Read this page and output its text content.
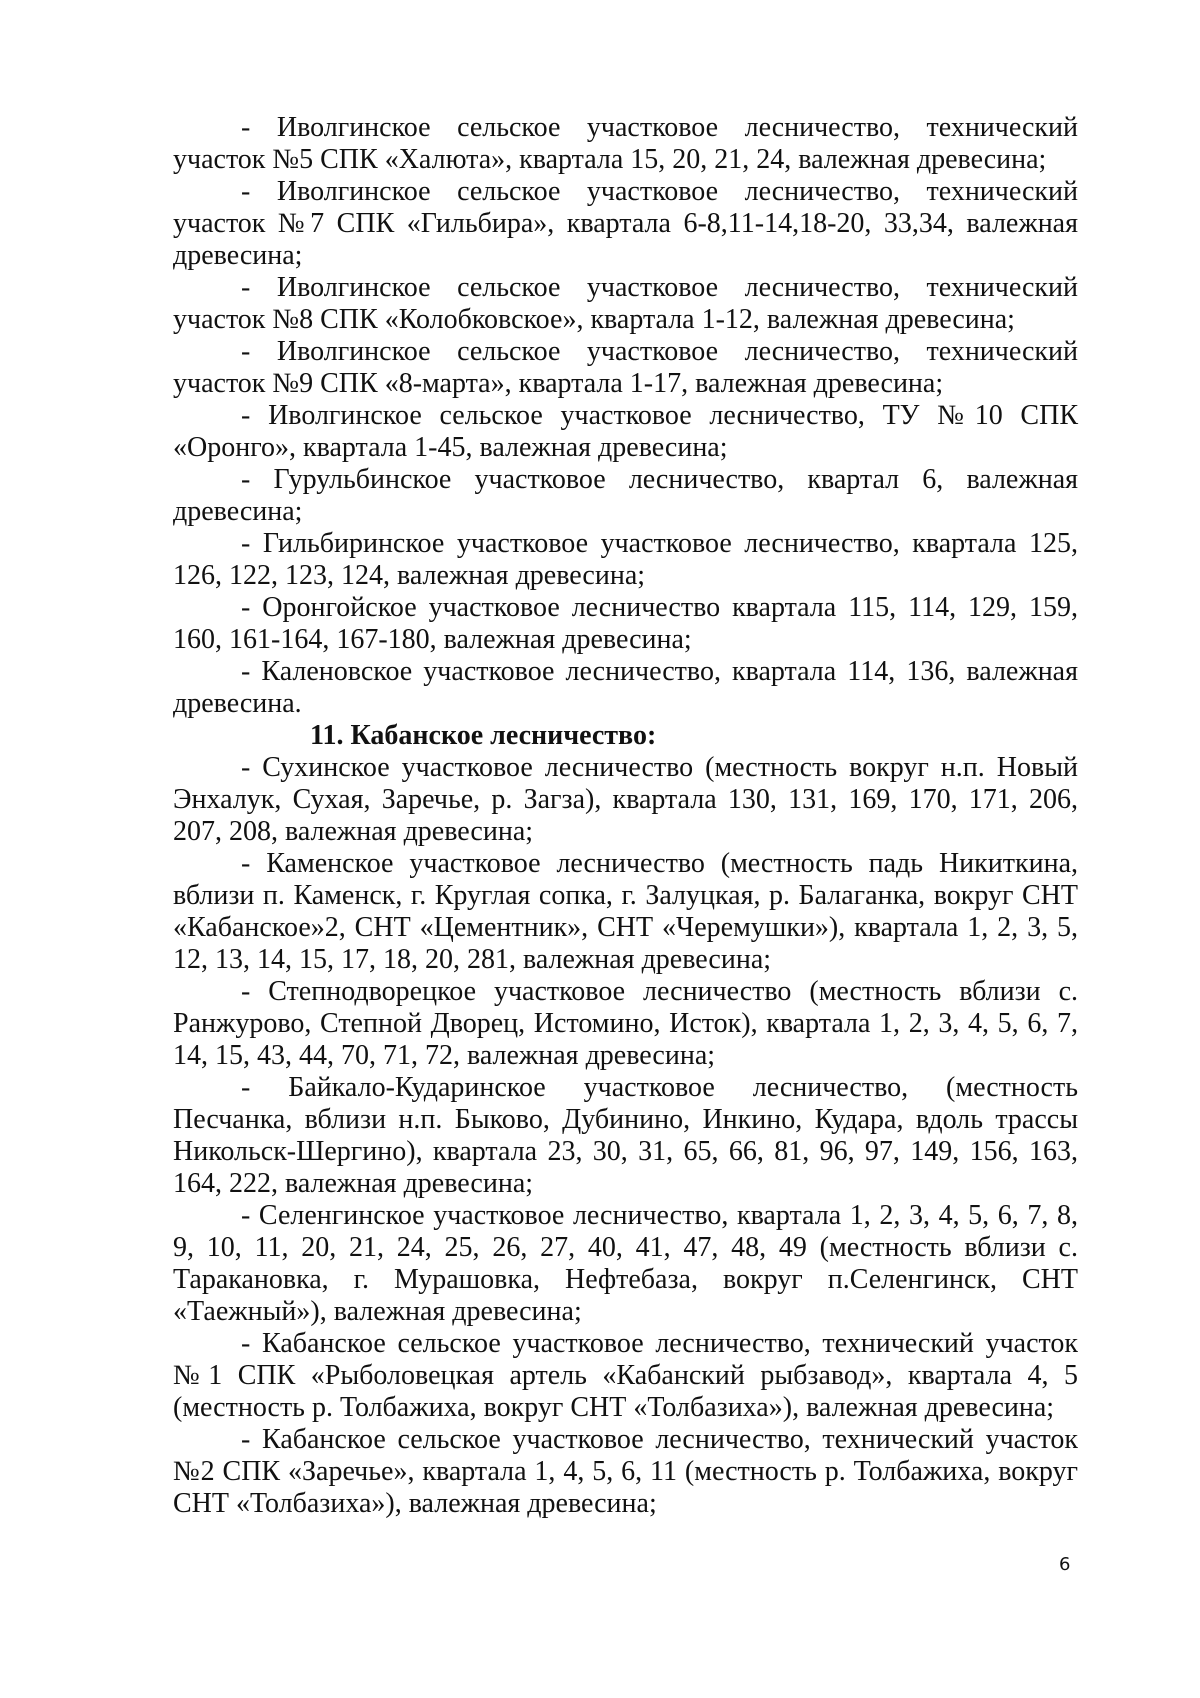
- Иволгинское сельское участковое лесничество, технический участок №5 СПК «Халюта», квартала 15, 20, 21, 24, валежная древесина;

- Иволгинское сельское участковое лесничество, технический участок №7 СПК «Гильбира», квартала 6-8,11-14,18-20, 33,34, валежная древесина;

- Иволгинское сельское участковое лесничество, технический участок №8 СПК «Колобковское», квартала 1-12, валежная древесина;

- Иволгинское сельское участковое лесничество, технический участок №9 СПК «8-марта», квартала 1-17, валежная древесина;

- Иволгинское сельское участковое лесничество, ТУ №10 СПК «Оронго», квартала 1-45, валежная древесина;

- Гурульбинское участковое лесничество, квартал 6, валежная древесина;

- Гильбиринское участковое участковое лесничество, квартала 125, 126, 122, 123, 124, валежная древесина;

- Оронгойское участковое лесничество квартала 115, 114, 129, 159, 160, 161-164, 167-180, валежная древесина;

- Каленовское участковое лесничество, квартала 114, 136, валежная древесина.

11. Кабанское лесничество:

- Сухинское участковое лесничество (местность вокруг н.п. Новый Энхалук, Сухая, Заречье, р. Загза), квартала 130, 131, 169, 170, 171, 206, 207, 208, валежная древесина;

- Каменское участковое лесничество (местность падь Никиткина, вблизи п. Каменск, г. Круглая сопка, г. Залуцкая, р. Балаганка, вокруг СНТ «Кабанское»2, СНТ «Цементник», СНТ «Черемушки»), квартала 1, 2, 3, 5, 12, 13, 14, 15, 17, 18, 20, 281, валежная древесина;

- Степнодворецкое участковое лесничество (местность вблизи с. Ранжурово, Степной Дворец, Истомино, Исток), квартала 1, 2, 3, 4, 5, 6, 7, 14, 15, 43, 44, 70, 71, 72, валежная древесина;

- Байкало-Кударинское участковое лесничество, (местность Песчанка, вблизи н.п. Быково, Дубинино, Инкино, Кудара, вдоль трассы Никольск-Шергино), квартала 23, 30, 31, 65, 66, 81, 96, 97, 149, 156, 163, 164, 222, валежная древесина;

- Селенгинское участковое лесничество, квартала 1, 2, 3, 4, 5, 6, 7, 8, 9, 10, 11, 20, 21, 24, 25, 26, 27, 40, 41, 47, 48, 49 (местность вблизи с. Таракановка, г. Мурашовка, Нефтебаза, вокруг п.Селенгинск, СНТ «Таежный»), валежная древесина;

- Кабанское сельское участковое лесничество, технический участок №1 СПК «Рыболовецкая артель «Кабанский рыбзавод», квартала 4, 5 (местность р. Толбажиха, вокруг СНТ «Толбазиха»), валежная древесина;

- Кабанское сельское участковое лесничество, технический участок №2 СПК «Заречье», квартала 1, 4, 5, 6, 11 (местность р. Толбажиха, вокруг СНТ «Толбазиха»), валежная древесина;

6
